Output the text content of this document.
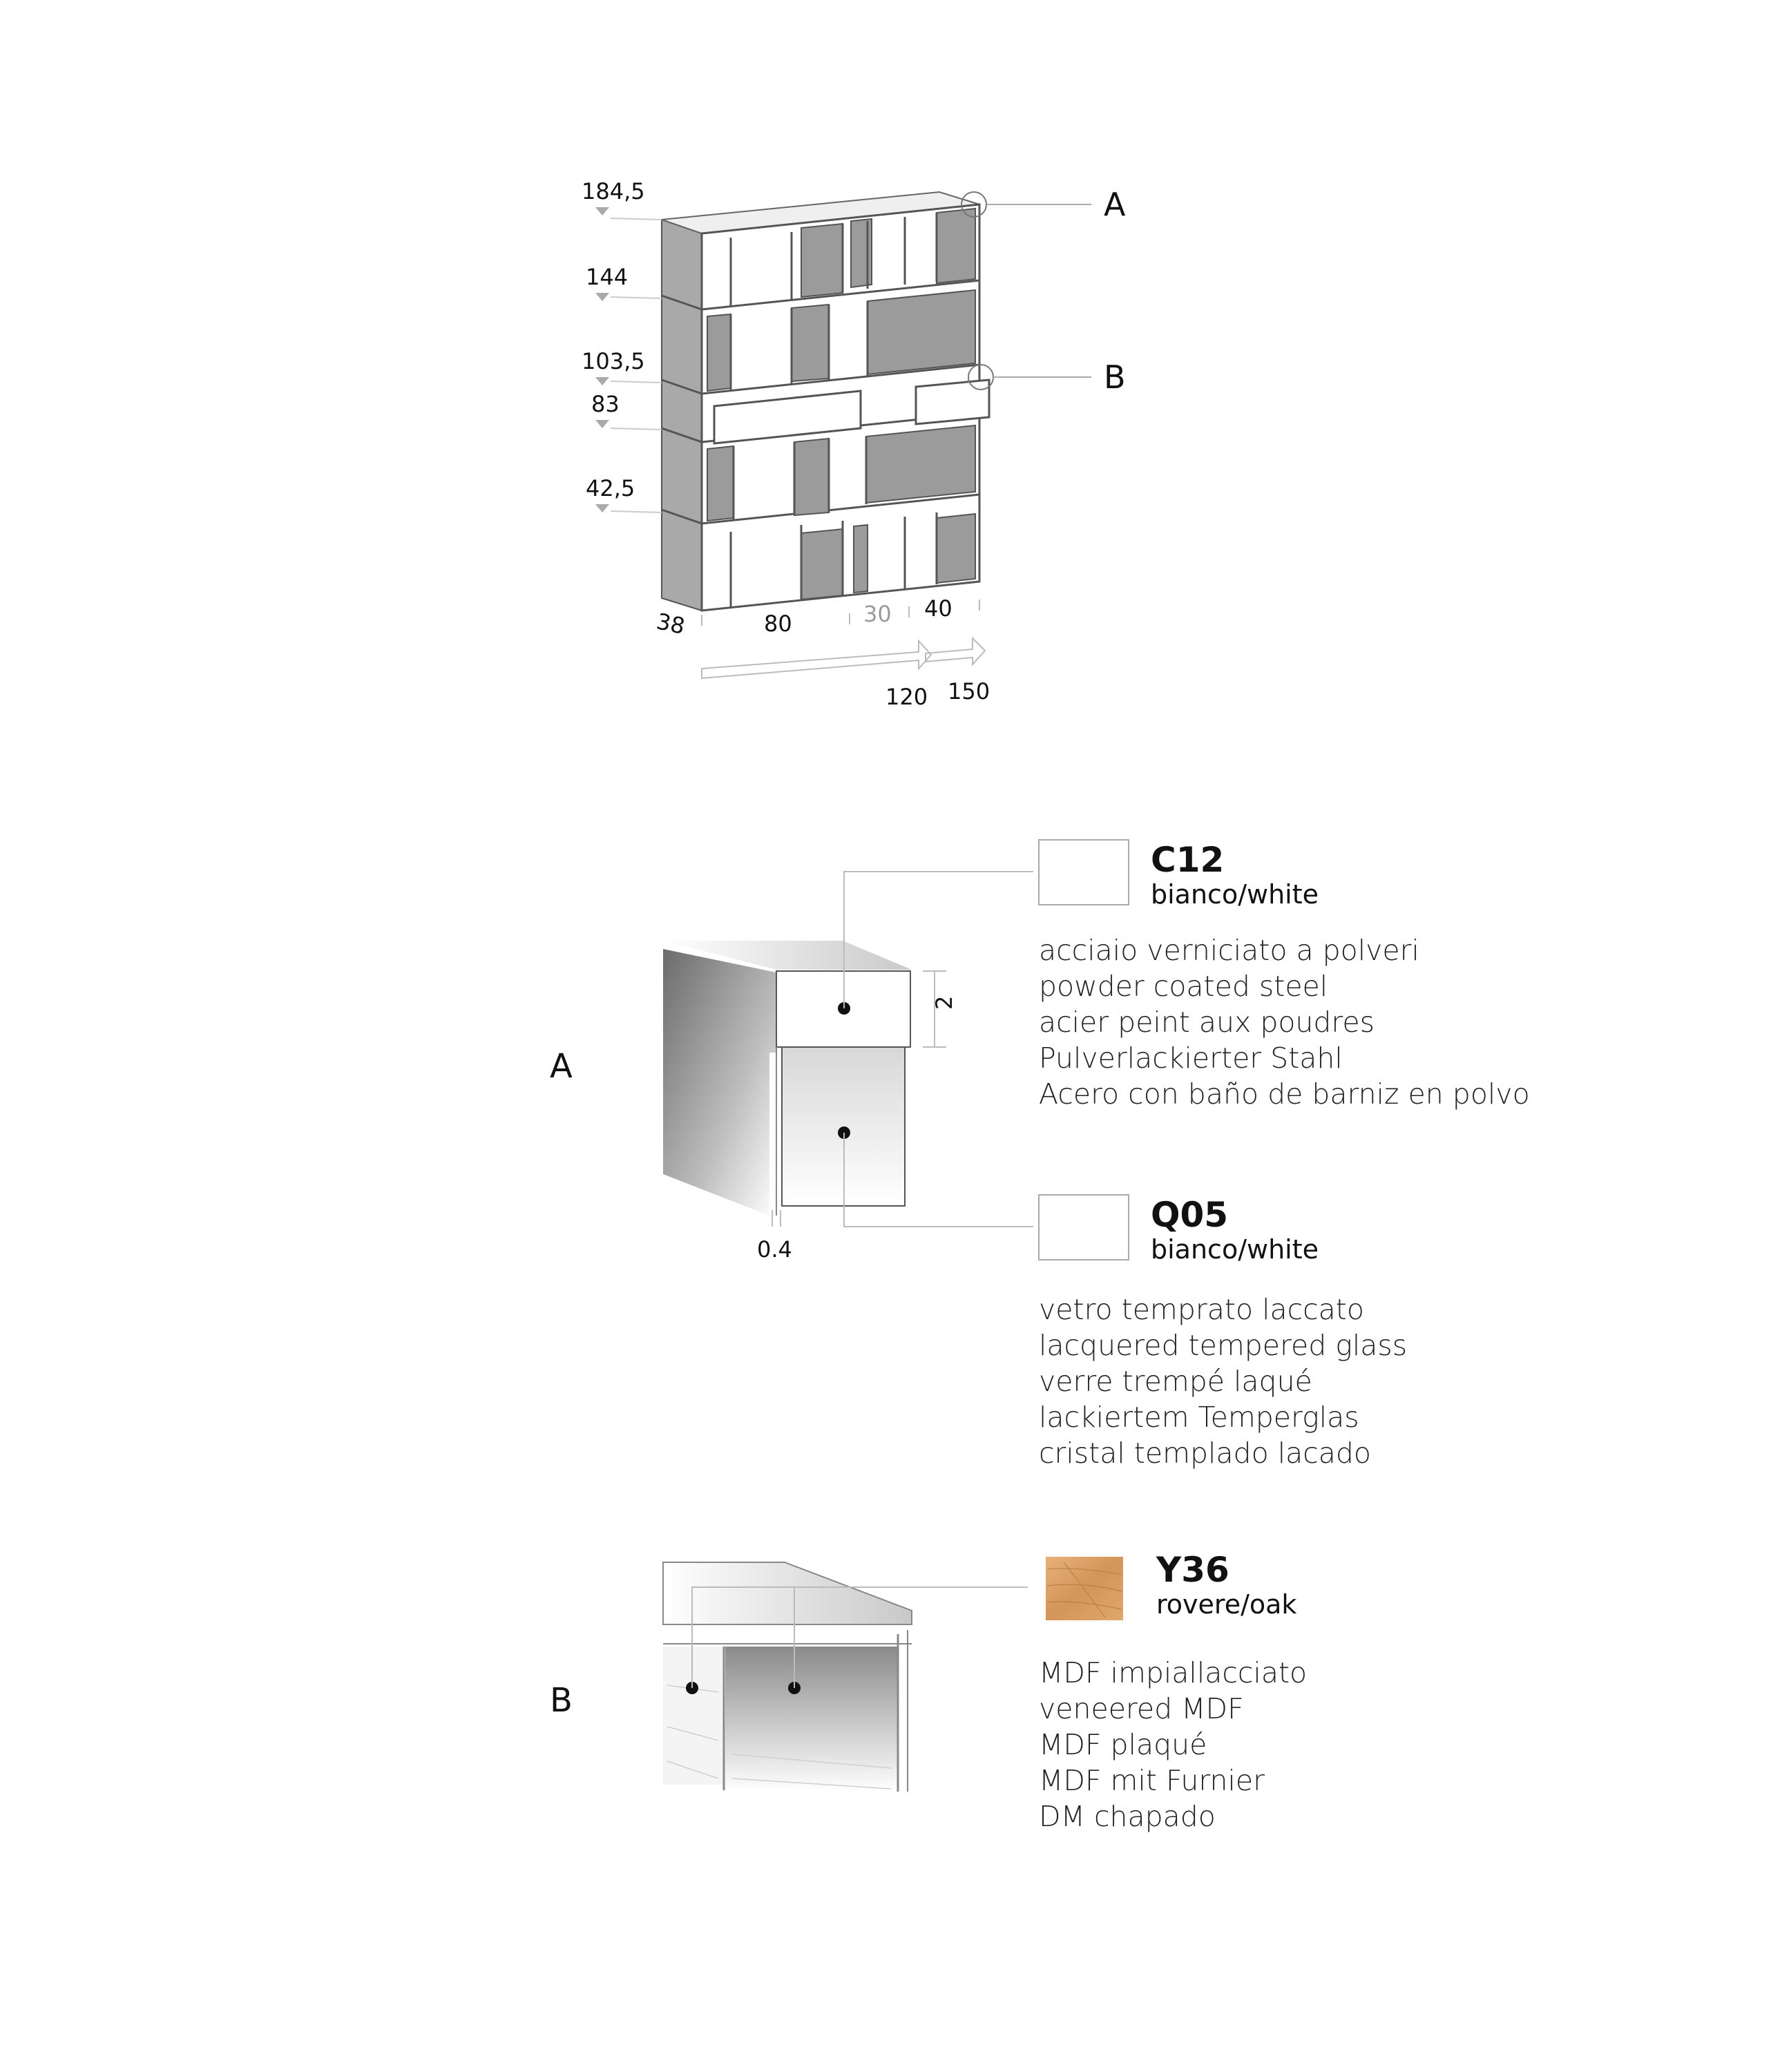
A
B
184,5
144
103,5
83
42,5
38	80	30 40
120 150
A
2
0.4
C12
bianco/white
acciaio verniciato a polveri
powder coated steel
acier peint aux poudres
Pulverlackierter Stahl
Acero con baño de barniz en polvo
Q05
bianco/white
vetro temprato laccato
lacquered tempered glass
verre trempé laqué
lackiertem Temperglas
cristal templado lacado
B
Y36
rovere/oak
MDF impiallacciato
veneered MDF
MDF plaqué
MDF mit Furnier
DM chapado
